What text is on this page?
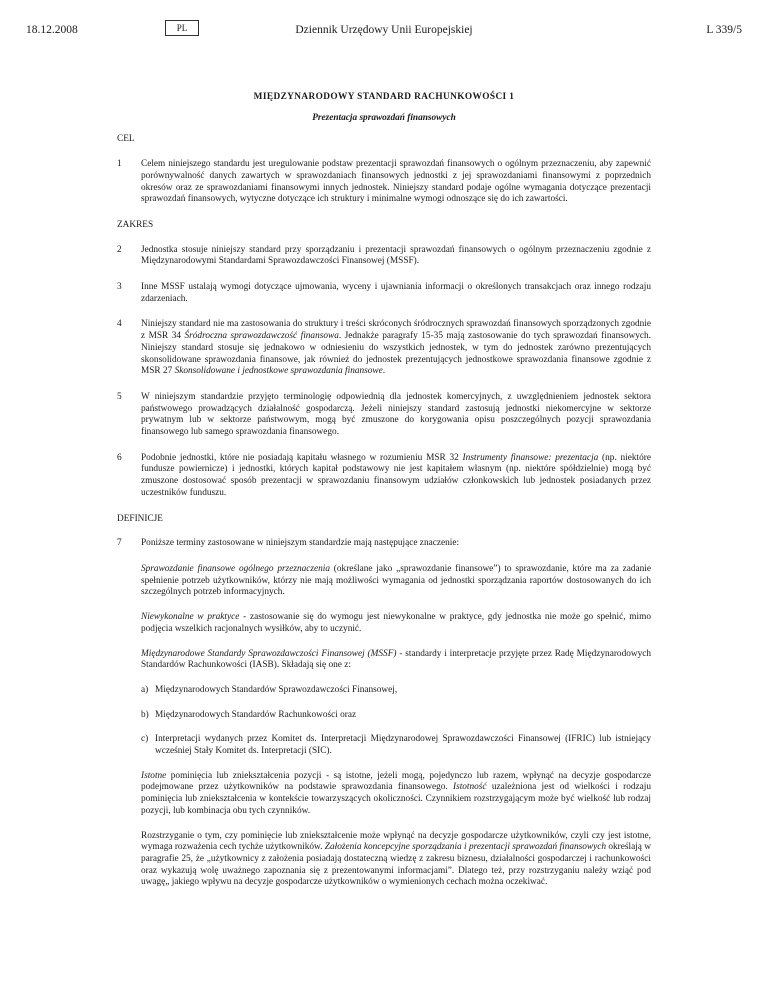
18.12.2008	PL	Dziennik Urzędowy Unii Europejskiej	L 339/5

MIĘDZYNARODOWY STANDARD RACHUNKOWOŚCI 1

Prezentacja sprawozdań finansowych

CEL
1	Celem niniejszego standardu jest uregulowanie podstaw prezentacji sprawozdań finansowych o ogólnym przeznaczeniu, aby zapewnić porównywalność danych zawartych w sprawozdaniach finansowych jednostki z jej sprawozdaniami finansowymi z poprzednich okresów oraz ze sprawozdaniami finansowymi innych jednostek. Niniejszy standard podaje ogólne wymagania dotyczące prezentacji sprawozdań finansowych, wytyczne dotyczące ich struktury i minimalne wymogi odnoszące się do ich zawartości.
ZAKRES
2	Jednostka stosuje niniejszy standard przy sporządzaniu i prezentacji sprawozdań finansowych o ogólnym przeznaczeniu zgodnie z Międzynarodowymi Standardami Sprawozdawczości Finansowej (MSSF).
3	Inne MSSF ustalają wymogi dotyczące ujmowania, wyceny i ujawniania informacji o określonych transakcjach oraz innego rodzaju zdarzeniach.
4	Niniejszy standard nie ma zastosowania do struktury i treści skróconych śródrocznych sprawozdań finansowych sporządzonych zgodnie z MSR 34 Śródroczna sprawozdawczość finansowa. Jednakże paragrafy 15-35 mają zastosowanie do tych sprawozdań finansowych. Niniejszy standard stosuje się jednakowo w odniesieniu do wszystkich jednostek, w tym do jednostek zarówno prezentujących skonsolidowane sprawozdania finansowe, jak również do jednostek prezentujących jednostkowe sprawozdania finansowe zgodnie z MSR 27 Skonsolidowane i jednostkowe sprawozdania finansowe.
5	W niniejszym standardzie przyjęto terminologię odpowiednią dla jednostek komercyjnych, z uwzględnieniem jednostek sektora państwowego prowadzących działalność gospodarczą. Jeżeli niniejszy standard zastosują jednostki niekomercyjne w sektorze prywatnym lub w sektorze państwowym, mogą być zmuszone do korygowania opisu poszczególnych pozycji sprawozdania finansowego lub samego sprawozdania finansowego.
6	Podobnie jednostki, które nie posiadają kapitału własnego w rozumieniu MSR 32 Instrumenty finansowe: prezentacja (np. niektóre fundusze powiernicze) i jednostki, których kapitał podstawowy nie jest kapitałem własnym (np. niektóre spółdzielnie) mogą być zmuszone dostosować sposób prezentacji w sprawozdaniu finansowym udziałów członkowskich lub jednostek posiadanych przez uczestników funduszu.
DEFINICJE
7	Poniższe terminy zastosowane w niniejszym standardzie mają następujące znaczenie:
Sprawozdanie finansowe ogólnego przeznaczenia (określane jako „sprawozdanie finansowe”) to sprawozdanie, które ma za zadanie spełnienie potrzeb użytkowników, którzy nie mają możliwości wymagania od jednostki sporządzania raportów dostosowanych do ich szczególnych potrzeb informacyjnych.
Niewykonalne w praktyce - zastosowanie się do wymogu jest niewykonalne w praktyce, gdy jednostka nie może go spełnić, mimo podjęcia wszelkich racjonalnych wysiłków, aby to uczynić.
Międzynarodowe Standardy Sprawozdawczości Finansowej (MSSF) - standardy i interpretacje przyjęte przez Radę Międzynarodowych Standardów Rachunkowości (IASB). Składają się one z:
a) Międzynarodowych Standardów Sprawozdawczości Finansowej,
b) Międzynarodowych Standardów Rachunkowości oraz
c) Interpretacji wydanych przez Komitet ds. Interpretacji Międzynarodowej Sprawozdawczości Finansowej (IFRIC) lub istniejący wcześniej Stały Komitet ds. Interpretacji (SIC).
Istotne pominięcia lub zniekształcenia pozycji - są istotne, jeżeli mogą, pojedynczo lub razem, wpłynąć na decyzje gospodarcze podejmowane przez użytkowników na podstawie sprawozdania finansowego. Istotność uzależniona jest od wielkości i rodzaju pominięcia lub zniekształcenia w kontekście towarzyszących okoliczności. Czynnikiem rozstrzygającym może być wielkość lub rodzaj pozycji, lub kombinacja obu tych czynników.
Rozstrzyganie o tym, czy pominięcie lub zniekształcenie może wpłynąć na decyzje gospodarcze użytkowników, czyli czy jest istotne, wymaga rozważenia cech tychże użytkowników. Założenia koncepcyjne sporządzania i prezentacji sprawozdań finansowych określają w paragrafie 25, że „użytkownicy z założenia posiadają dostateczną wiedzę z zakresu biznesu, działalności gospodarczej i rachunkowości oraz wykazują wolę uważnego zapoznania się z prezentowanymi informacjami”. Dlatego też, przy rozstrzyganiu należy wziąć pod uwagę„ jakiego wpływu na decyzje gospodarcze użytkowników o wymienionych cechach można oczekiwać.
